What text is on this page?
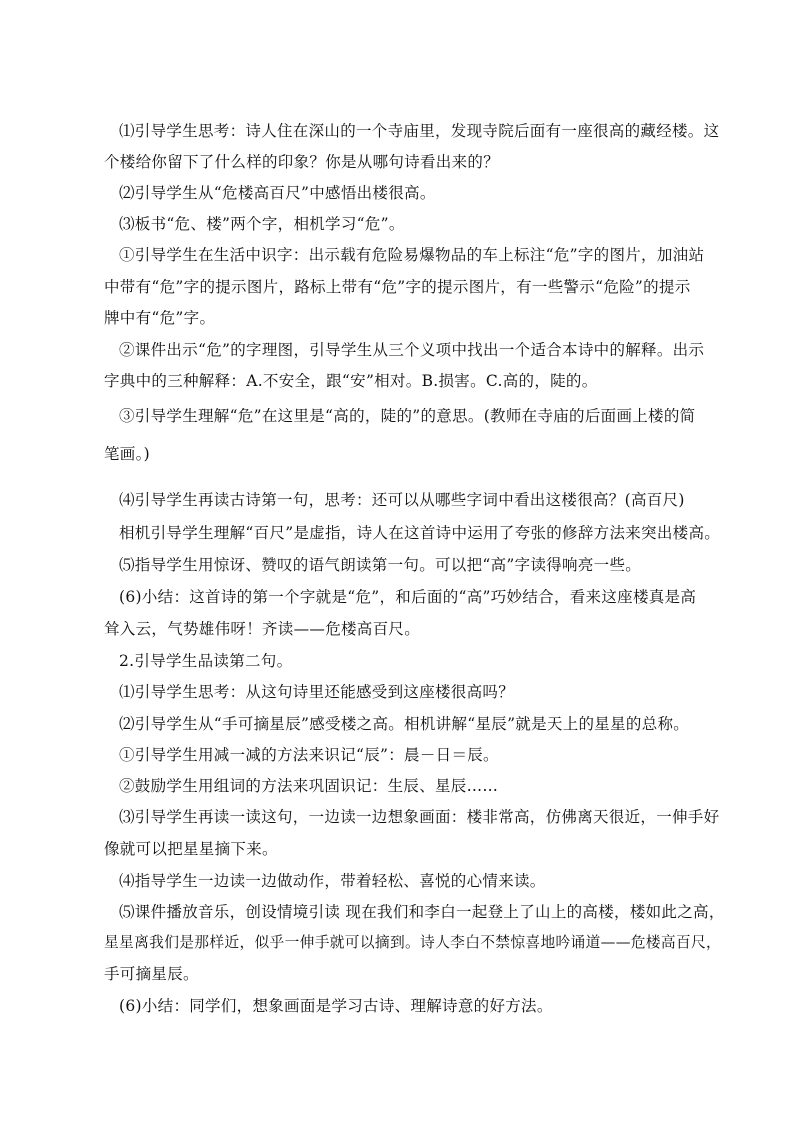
⑴引导学生思考：诗人住在深山的一个寺庙里，发现寺院后面有一座很高的藏经楼。这

个楼给你留下了什么样的印象？你是从哪句诗看出来的？

⑵引导学生从“危楼高百尺”中感悟出楼很高。

⑶板书“危、楼”两个字，相机学习“危”。

①引导学生在生活中识字：出示载有危险易爆物品的车上标注“危”字的图片，加油站

中带有“危”字的提示图片，路标上带有“危”字的提示图片，有一些警示“危险”的提示

牌中有“危”字。

②课件出示“危”的字理图，引导学生从三个义项中找出一个适合本诗中的解释。出示

字典中的三种解释：A.不安全，跟“安”相对。B.损害。C.高的，陡的。

③引导学生理解“危”在这里是“高的，陡的”的意思。(教师在寺庙的后面画上楼的简

笔画。)

⑷引导学生再读古诗第一句，思考：还可以从哪些字词中看出这楼很高？(高百尺)

相机引导学生理解“百尺”是虚指，诗人在这首诗中运用了夸张的修辞方法来突出楼高。

⑸指导学生用惊讶、赞叹的语气朗读第一句。可以把“高”字读得响亮一些。

(6)小结：这首诗的第一个字就是“危”，和后面的“高”巧妙结合，看来这座楼真是高

耸入云，气势雄伟呀！齐读——危楼高百尺。

2.引导学生品读第二句。

⑴引导学生思考：从这句诗里还能感受到这座楼很高吗？

⑵引导学生从“手可摘星辰”感受楼之高。相机讲解“星辰”就是天上的星星的总称。

①引导学生用减一减的方法来识记“辰”：晨－日＝辰。

②鼓励学生用组词的方法来巩固识记：生辰、星辰……

⑶引导学生再读一读这句，一边读一边想象画面：楼非常高，仿佛离天很近，一伸手好

像就可以把星星摘下来。

⑷指导学生一边读一边做动作，带着轻松、喜悦的心情来读。

⑸课件播放音乐，创设情境引读 现在我们和李白一起登上了山上的高楼，楼如此之高，

星星离我们是那样近，似乎一伸手就可以摘到。诗人李白不禁惊喜地吟诵道——危楼高百尺，

手可摘星辰。

(6)小结：同学们，想象画面是学习古诗、理解诗意的好方法。
